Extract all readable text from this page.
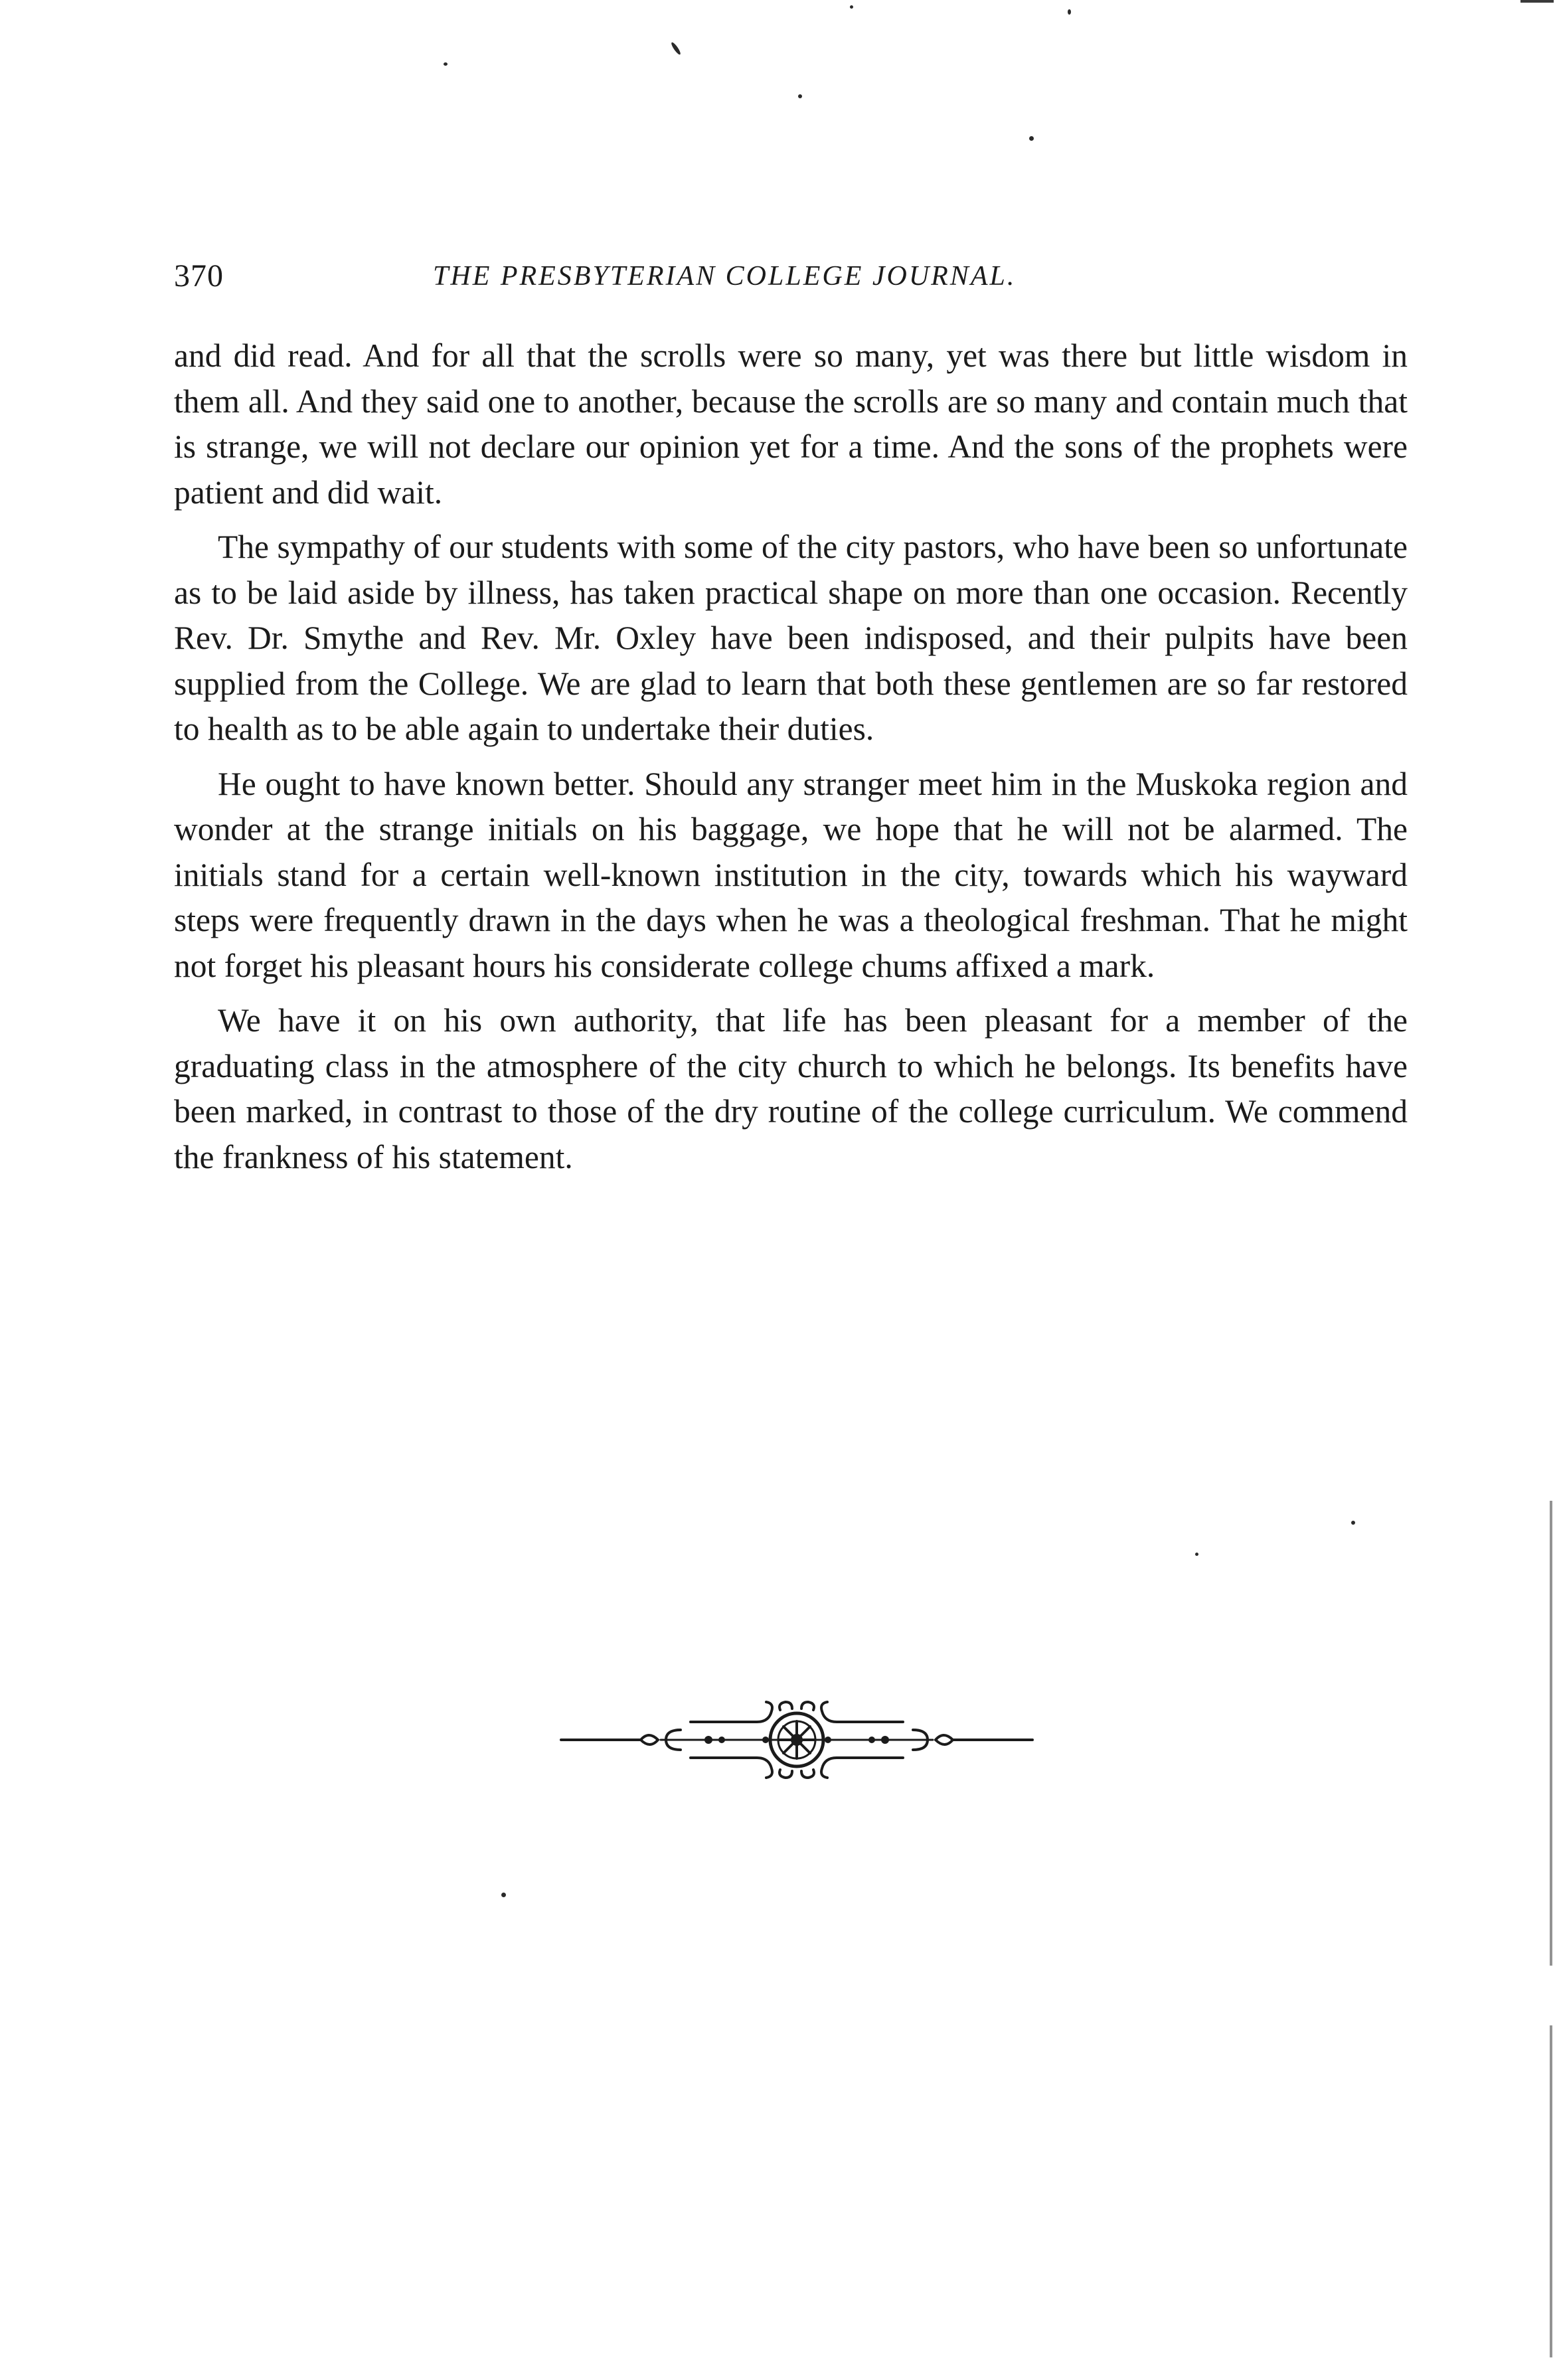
370	THE PRESBYTERIAN COLLEGE JOURNAL.

and did read. And for all that the scrolls were so many, yet was there but little wisdom in them all. And they said one to another, because the scrolls are so many and contain much that is strange, we will not declare our opinion yet for a time. And the sons of the prophets were patient and did wait.

The sympathy of our students with some of the city pastors, who have been so unfortunate as to be laid aside by illness, has taken practical shape on more than one occasion. Recently Rev. Dr. Smythe and Rev. Mr. Oxley have been indisposed, and their pulpits have been supplied from the College. We are glad to learn that both these gentlemen are so far restored to health as to be able again to undertake their duties.

He ought to have known better. Should any stranger meet him in the Muskoka region and wonder at the strange initials on his baggage, we hope that he will not be alarmed. The initials stand for a certain well-known institution in the city, towards which his wayward steps were frequently drawn in the days when he was a theological freshman. That he might not forget his pleasant hours his considerate college chums affixed a mark.

We have it on his own authority, that life has been pleasant for a member of the graduating class in the atmosphere of the city church to which he belongs. Its benefits have been marked, in contrast to those of the dry routine of the college curriculum. We commend the frankness of his statement.
